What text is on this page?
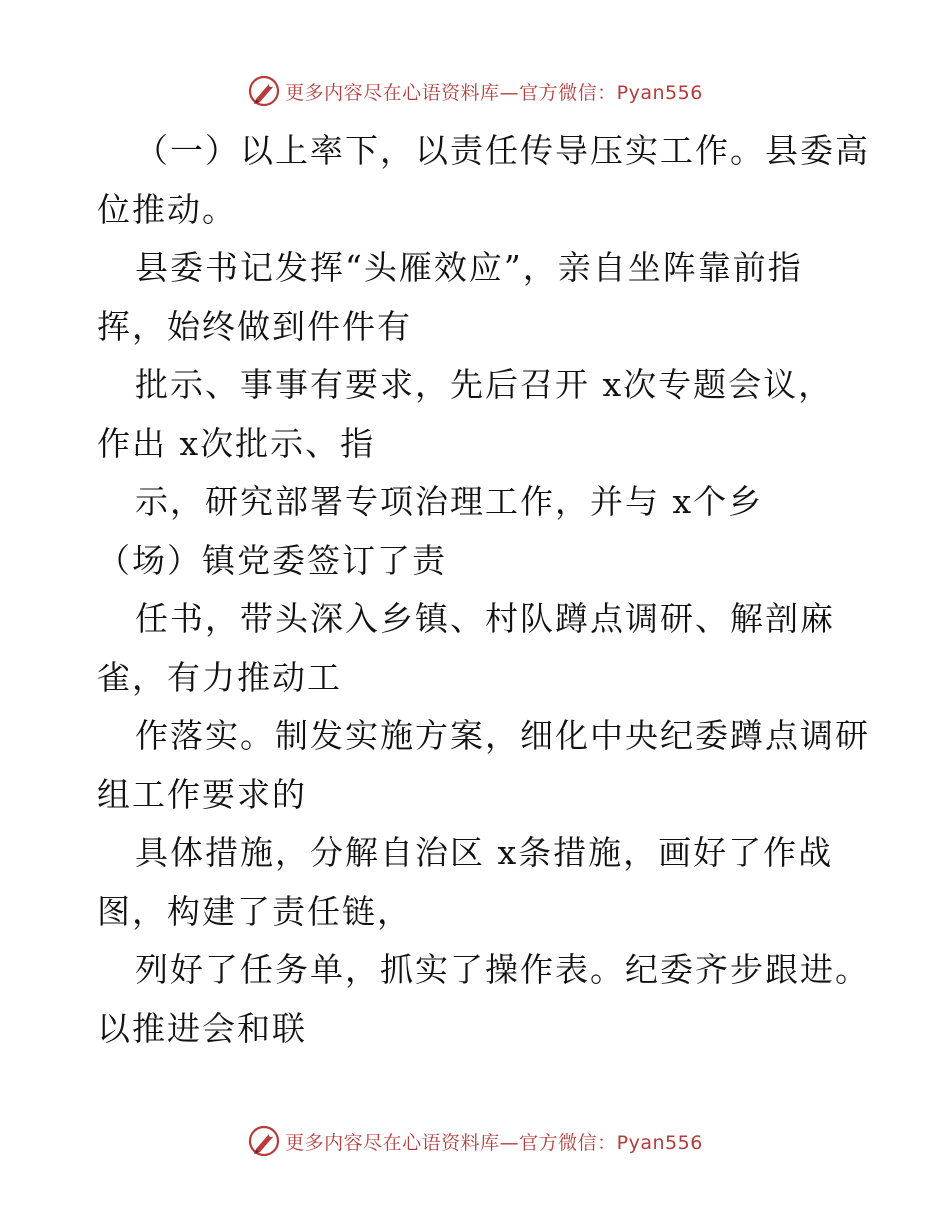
更多内容尽在心语资料库—官方微信：Pyan556
（一）以上率下，以责任传导压实工作。县委高
位推动。
县委书记发挥“头雁效应”，亲自坐阵靠前指
挥，始终做到件件有
批示、事事有要求，先后召开 x次专题会议，
作出 x次批示、指
示，研究部署专项治理工作，并与 x个乡
（场）镇党委签订了责
任书，带头深入乡镇、村队蹲点调研、解剖麻
雀，有力推动工
作落实。制发实施方案，细化中央纪委蹲点调研
组工作要求的
具体措施，分解自治区 x条措施，画好了作战
图，构建了责任链，
列好了任务单，抓实了操作表。纪委齐步跟进。
以推进会和联
更多内容尽在心语资料库—官方微信：Pyan556
